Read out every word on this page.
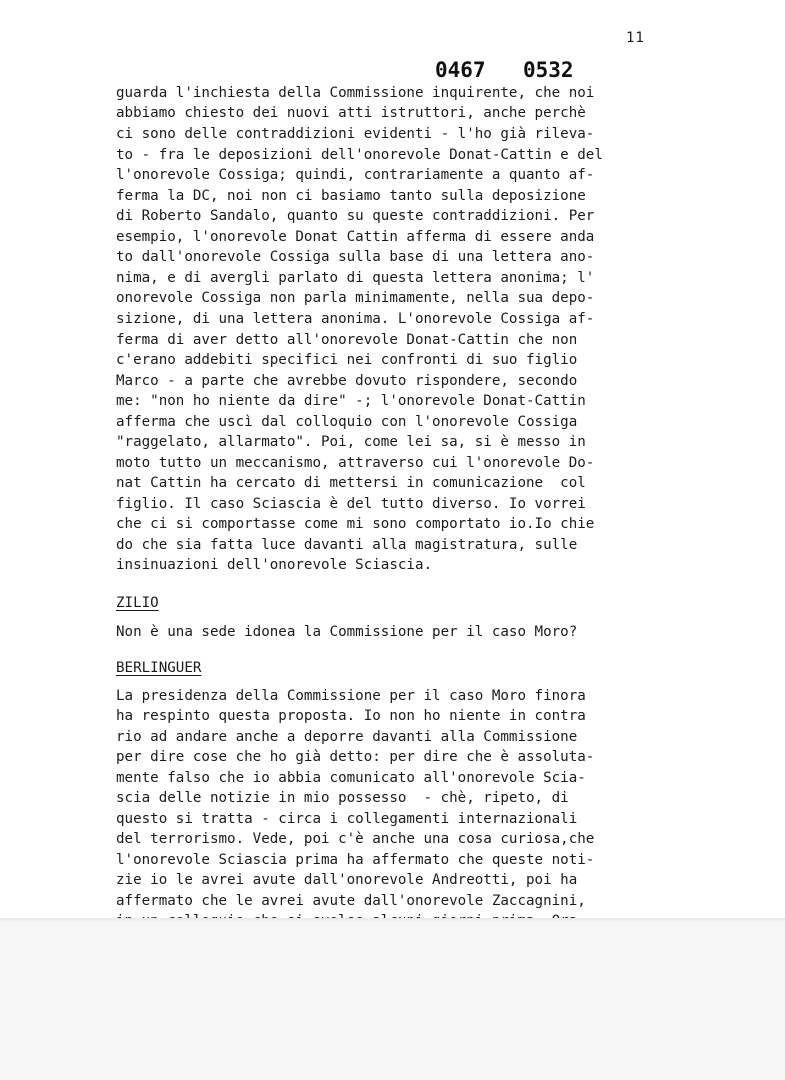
11
0467 0532
guarda l'inchiesta della Commissione inquirente, che noi
abbiamo chiesto dei nuovi atti istruttori, anche perchè
ci sono delle contraddizioni evidenti - l'ho già rileva-
to - fra le deposizioni dell'onorevole Donat-Cattin e del
l'onorevole Cossiga; quindi, contrariamente a quanto af-
ferma la DC, noi non ci basiamo tanto sulla deposizione
di Roberto Sandalo, quanto su queste contraddizioni. Per
esempio, l'onorevole Donat Cattin afferma di essere anda
to dall'onorevole Cossiga sulla base di una lettera ano-
nima, e di avergli parlato di questa lettera anonima; l'
onorevole Cossiga non parla minimamente, nella sua depo-
sizione, di una lettera anonima. L'onorevole Cossiga af-
ferma di aver detto all'onorevole Donat-Cattin che non
c'erano addebiti specifici nei confronti di suo figlio
Marco - a parte che avrebbe dovuto rispondere, secondo
me: "non ho niente da dire" -; l'onorevole Donat-Cattin
afferma che uscì dal colloquio con l'onorevole Cossiga
"raggelato, allarmato". Poi, come lei sa, si è messo in
moto tutto un meccanismo, attraverso cui l'onorevole Do-
nat Cattin ha cercato di mettersi in comunicazione  col
figlio. Il caso Sciascia è del tutto diverso. Io vorrei
che ci si comportasse come mi sono comportato io.Io chie
do che sia fatta luce davanti alla magistratura, sulle
insinuazioni dell'onorevole Sciascia.
ZILIO
Non è una sede idonea la Commissione per il caso Moro?
BERLINGUER
La presidenza della Commissione per il caso Moro finora
ha respinto questa proposta. Io non ho niente in contra
rio ad andare anche a deporre davanti alla Commissione
per dire cose che ho già detto: per dire che è assoluta-
mente falso che io abbia comunicato all'onorevole Scia-
scia delle notizie in mio possesso  - chè, ripeto, di
questo si tratta - circa i collegamenti internazionali
del terrorismo. Vede, poi c'è anche una cosa curiosa,che
l'onorevole Sciascia prima ha affermato che queste noti-
zie io le avrei avute dall'onorevole Andreotti, poi ha
affermato che le avrei avute dall'onorevole Zaccagnini,
